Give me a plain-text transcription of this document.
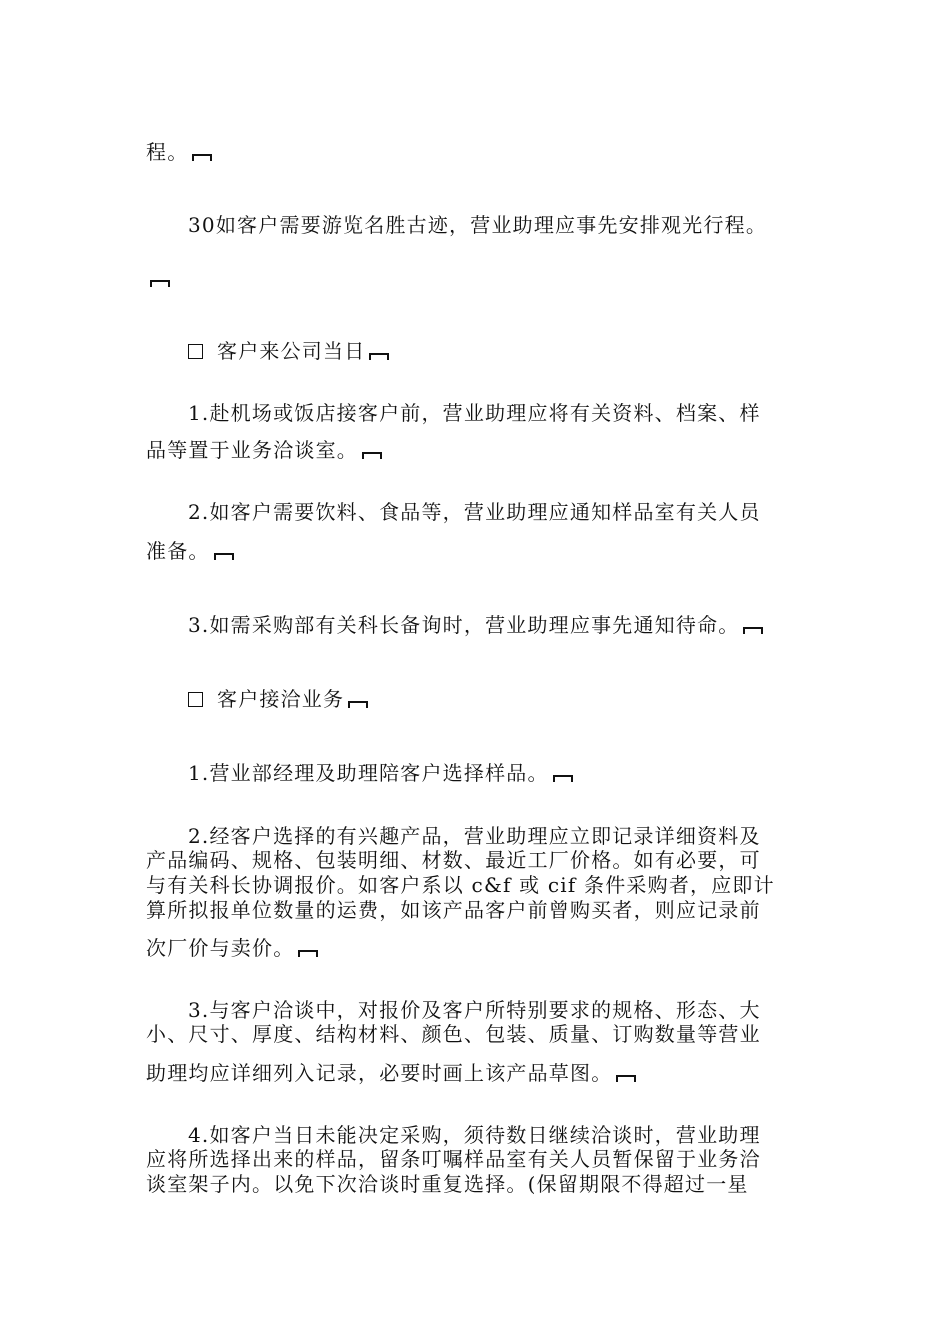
程。
30如客户需要游览名胜古迹，营业助理应事先安排观光行程。
客户来公司当日
1.赴机场或饭店接客户前，营业助理应将有关资料、档案、样
品等置于业务洽谈室。
2.如客户需要饮料、食品等，营业助理应通知样品室有关人员
准备。
3.如需采购部有关科长备询时，营业助理应事先通知待命。
客户接洽业务
1.营业部经理及助理陪客户选择样品。
2.经客户选择的有兴趣产品，营业助理应立即记录详细资料及
产品编码、规格、包装明细、材数、最近工厂价格。如有必要，可
与有关科长协调报价。如客户系以 c&f 或 cif 条件采购者，应即计
算所拟报单位数量的运费，如该产品客户前曾购买者，则应记录前
次厂价与卖价。
3.与客户洽谈中，对报价及客户所特别要求的规格、形态、大
小、尺寸、厚度、结构材料、颜色、包装、质量、订购数量等营业
助理均应详细列入记录，必要时画上该产品草图。
4.如客户当日未能决定采购，须待数日继续洽谈时，营业助理
应将所选择出来的样品，留条叮嘱样品室有关人员暂保留于业务洽
谈室架子内。以免下次洽谈时重复选择。(保留期限不得超过一星
